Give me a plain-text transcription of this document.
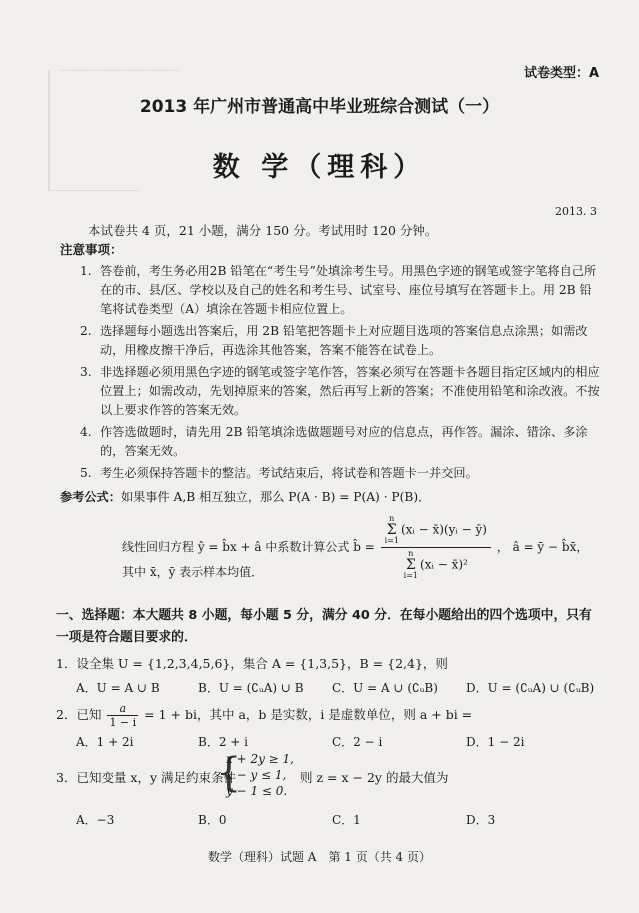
──────────────────	试卷类型：A
2013 年广州市普通高中毕业班综合测试（一）
数 学（理科）
2013. 3
本试卷共 4 页，21 小题，满分 150 分。考试用时 120 分钟。
注意事项：
1. 答卷前，考生务必用2B 铅笔在“考生号”处填涂考生号。用黑色字迹的钢笔或签字笔将自己所在的市、县/区、学校以及自己的姓名和考生号、试室号、座位号填写在答题卡上。用 2B 铅笔将试卷类型（A）填涂在答题卡相应位置上。
2. 选择题每小题选出答案后，用 2B 铅笔把答题卡上对应题目选项的答案信息点涂黑；如需改动，用橡皮擦干净后，再选涂其他答案，答案不能答在试卷上。
3. 非选择题必须用黑色字迹的钢笔或签字笔作答，答案必须写在答题卡各题目指定区域内的相应位置上；如需改动，先划掉原来的答案，然后再写上新的答案；不准使用铅笔和涂改液。不按以上要求作答的答案无效。
4. 作答选做题时，请先用 2B 铅笔填涂选做题题号对应的信息点，再作答。漏涂、错涂、多涂的，答案无效。
5. 考生必须保持答题卡的整洁。考试结束后，将试卷和答题卡一并交回。
参考公式：如果事件 A,B 相互独立，那么 P(A · B) = P(A) · P(B)．
线性回归方程 ŷ = b̂x + â 中系数计算公式 b̂ = n
Σ
i=1
(xᵢ − x̄)(yᵢ − ȳ)
n
Σ
i=1
(xᵢ − x̄)² ， â = ȳ − b̂x̄，
其中 x̄，ȳ 表示样本均值．
一、选择题：本大题共 8 小题，每小题 5 分，满分 40 分．在每小题给出的四个选项中，只有一项是符合题目要求的．
1．设全集 U = {1,2,3,4,5,6}，集合 A = {1,3,5}，B = {2,4}，则
A．U = A ∪ B	B．U = (∁ᵤA) ∪ B C．U = A ∪ (∁ᵤB) D．U = (∁ᵤA) ∪ (∁ᵤB)
2．已知 $\frac{a}{1 - i} = 1$ + bi，其中 a，b 是实数，i 是虚数单位，则 a + bi =
A．1 + 2i	B．2 + i	C．2 − i	D．1 − 2i
3．已知变量 x，y 满足约束条件
{
x + 2y ≥ 1,
x − y ≤ 1,
y − 1 ≤ 0.
则 z = x − 2y 的最大值为
A．−3	B．0	C．1	D．3
数学（理科）试题 A　第 1 页（共 4 页）
